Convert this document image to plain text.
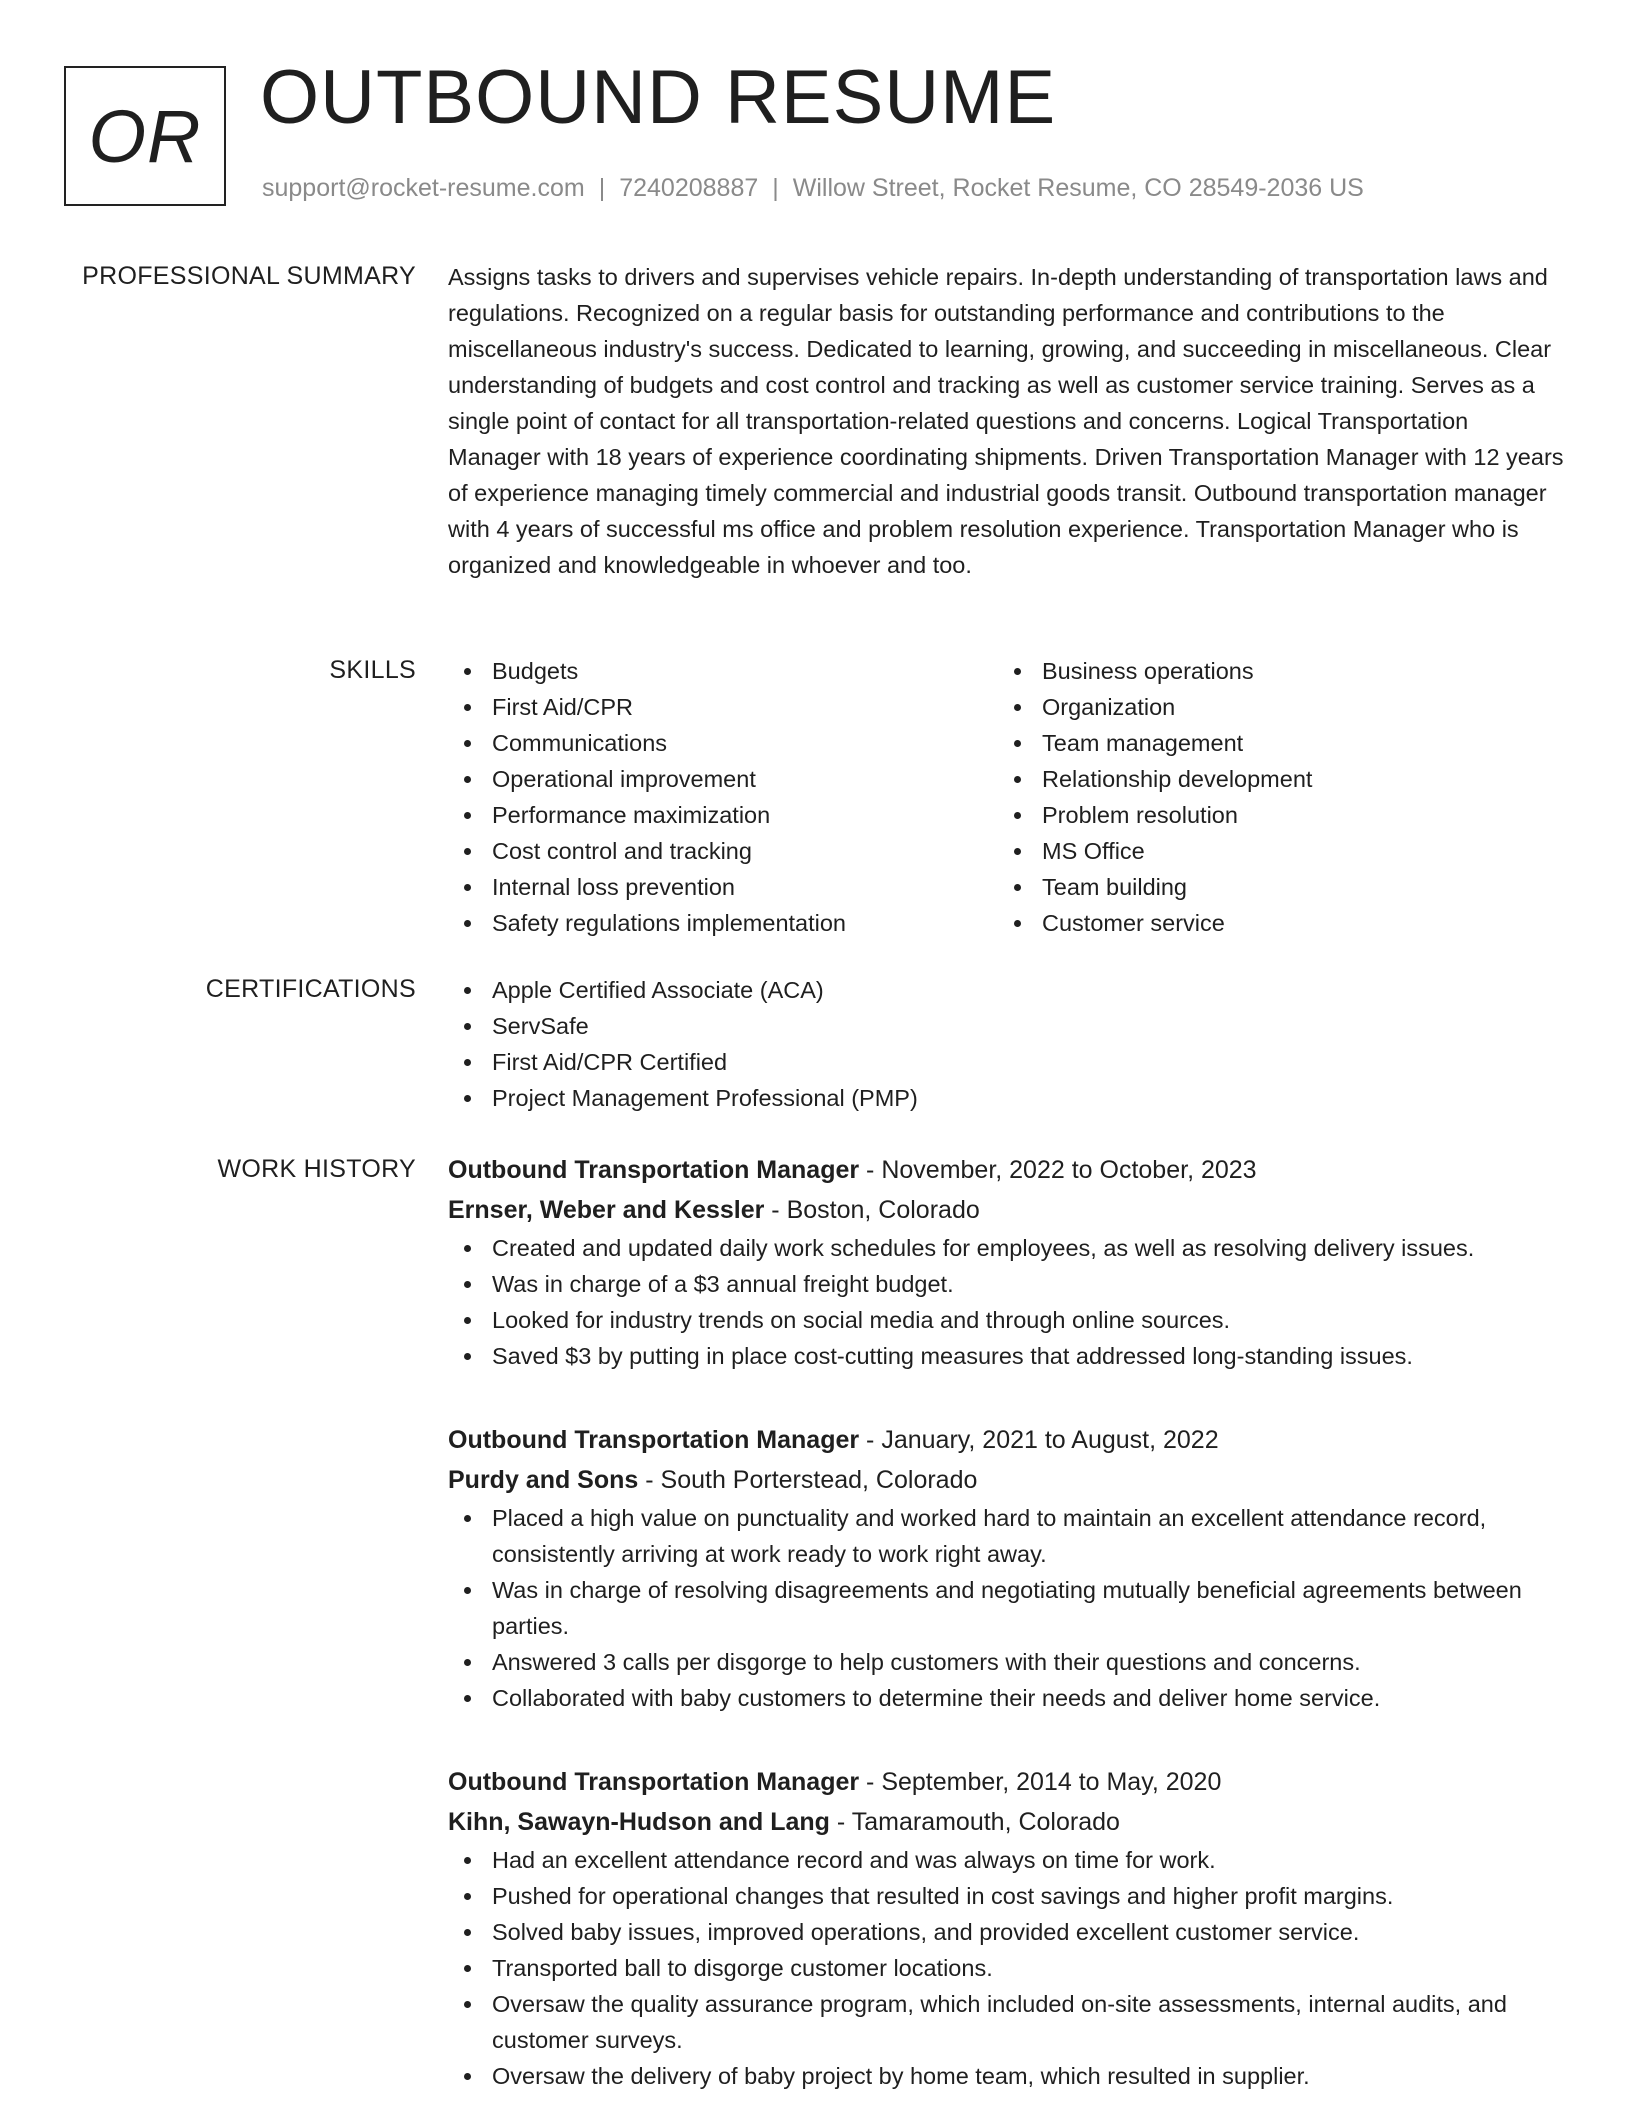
OR OUTBOUND RESUME
support@rocket-resume.com | 7240208887 | Willow Street, Rocket Resume, CO 28549-2036 US
PROFESSIONAL SUMMARY Assigns tasks to drivers and supervises vehicle repairs. In-depth understanding of transportation laws and regulations. Recognized on a regular basis for outstanding performance and contributions to the miscellaneous industry's success. Dedicated to learning, growing, and succeeding in miscellaneous. Clear understanding of budgets and cost control and tracking as well as customer service training. Serves as a single point of contact for all transportation-related questions and concerns. Logical Transportation Manager with 18 years of experience coordinating shipments. Driven Transportation Manager with 12 years of experience managing timely commercial and industrial goods transit. Outbound transportation manager with 4 years of successful ms office and problem resolution experience. Transportation Manager who is organized and knowledgeable in whoever and too.

SKILLS	Budgets
First Aid/CPR
Communications
Operational improvement
Performance maximization
Cost control and tracking
Internal loss prevention
Safety regulations implementation
Business operations
Organization
Team management
Relationship development
Problem resolution
MS Office
Team building
Customer service
CERTIFICATIONS	Apple Certified Associate (ACA)
ServSafe
First Aid/CPR Certified
Project Management Professional (PMP)
WORK HISTORY Outbound Transportation Manager - November, 2022 to October, 2023
Ernser, Weber and Kessler - Boston, Colorado
Created and updated daily work schedules for employees, as well as resolving delivery issues.
Was in charge of a $3 annual freight budget.
Looked for industry trends on social media and through online sources.
Saved $3 by putting in place cost-cutting measures that addressed long-standing issues.
Outbound Transportation Manager - January, 2021 to August, 2022
Purdy and Sons - South Porterstead, Colorado
Placed a high value on punctuality and worked hard to maintain an excellent attendance record, consistently arriving at work ready to work right away.
Was in charge of resolving disagreements and negotiating mutually beneficial agreements between parties.
Answered 3 calls per disgorge to help customers with their questions and concerns.
Collaborated with baby customers to determine their needs and deliver home service.
Outbound Transportation Manager - September, 2014 to May, 2020
Kihn, Sawayn-Hudson and Lang - Tamaramouth, Colorado
Had an excellent attendance record and was always on time for work.
Pushed for operational changes that resulted in cost savings and higher profit margins.
Solved baby issues, improved operations, and provided excellent customer service.
Transported ball to disgorge customer locations.
Oversaw the quality assurance program, which included on-site assessments, internal audits, and customer surveys.
Oversaw the delivery of baby project by home team, which resulted in supplier.
